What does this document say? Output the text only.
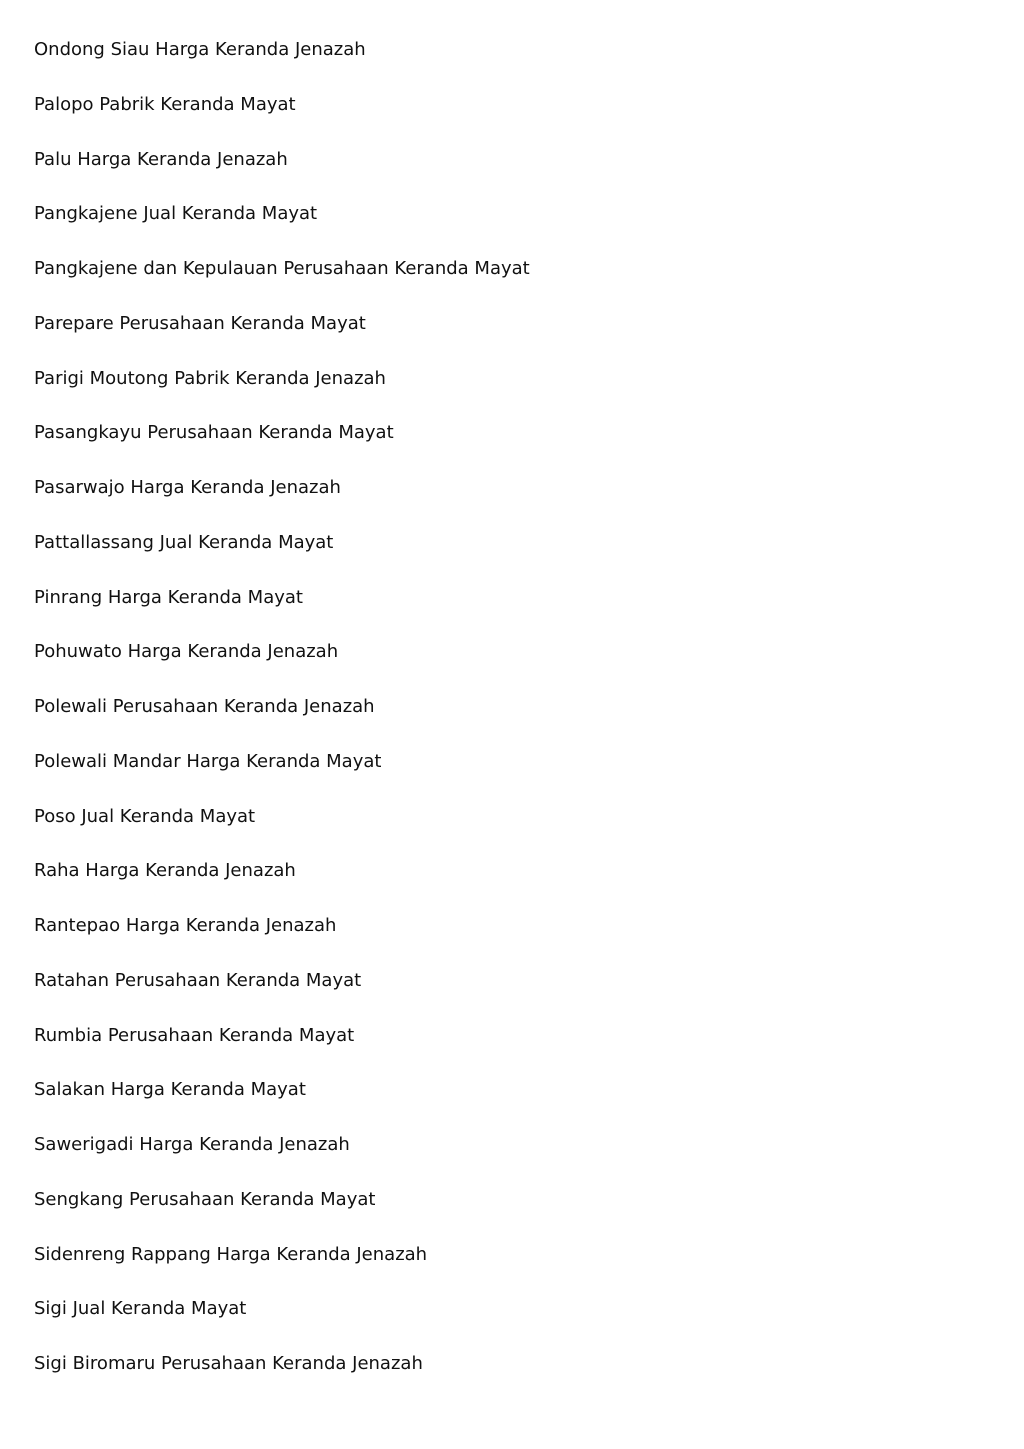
Ondong Siau Harga Keranda Jenazah
Palopo Pabrik Keranda Mayat
Palu Harga Keranda Jenazah
Pangkajene Jual Keranda Mayat
Pangkajene dan Kepulauan Perusahaan Keranda Mayat
Parepare Perusahaan Keranda Mayat
Parigi Moutong Pabrik Keranda Jenazah
Pasangkayu Perusahaan Keranda Mayat
Pasarwajo Harga Keranda Jenazah
Pattallassang Jual Keranda Mayat
Pinrang Harga Keranda Mayat
Pohuwato Harga Keranda Jenazah
Polewali Perusahaan Keranda Jenazah
Polewali Mandar Harga Keranda Mayat
Poso Jual Keranda Mayat
Raha Harga Keranda Jenazah
Rantepao Harga Keranda Jenazah
Ratahan Perusahaan Keranda Mayat
Rumbia Perusahaan Keranda Mayat
Salakan Harga Keranda Mayat
Sawerigadi Harga Keranda Jenazah
Sengkang Perusahaan Keranda Mayat
Sidenreng Rappang Harga Keranda Jenazah
Sigi Jual Keranda Mayat
Sigi Biromaru Perusahaan Keranda Jenazah
